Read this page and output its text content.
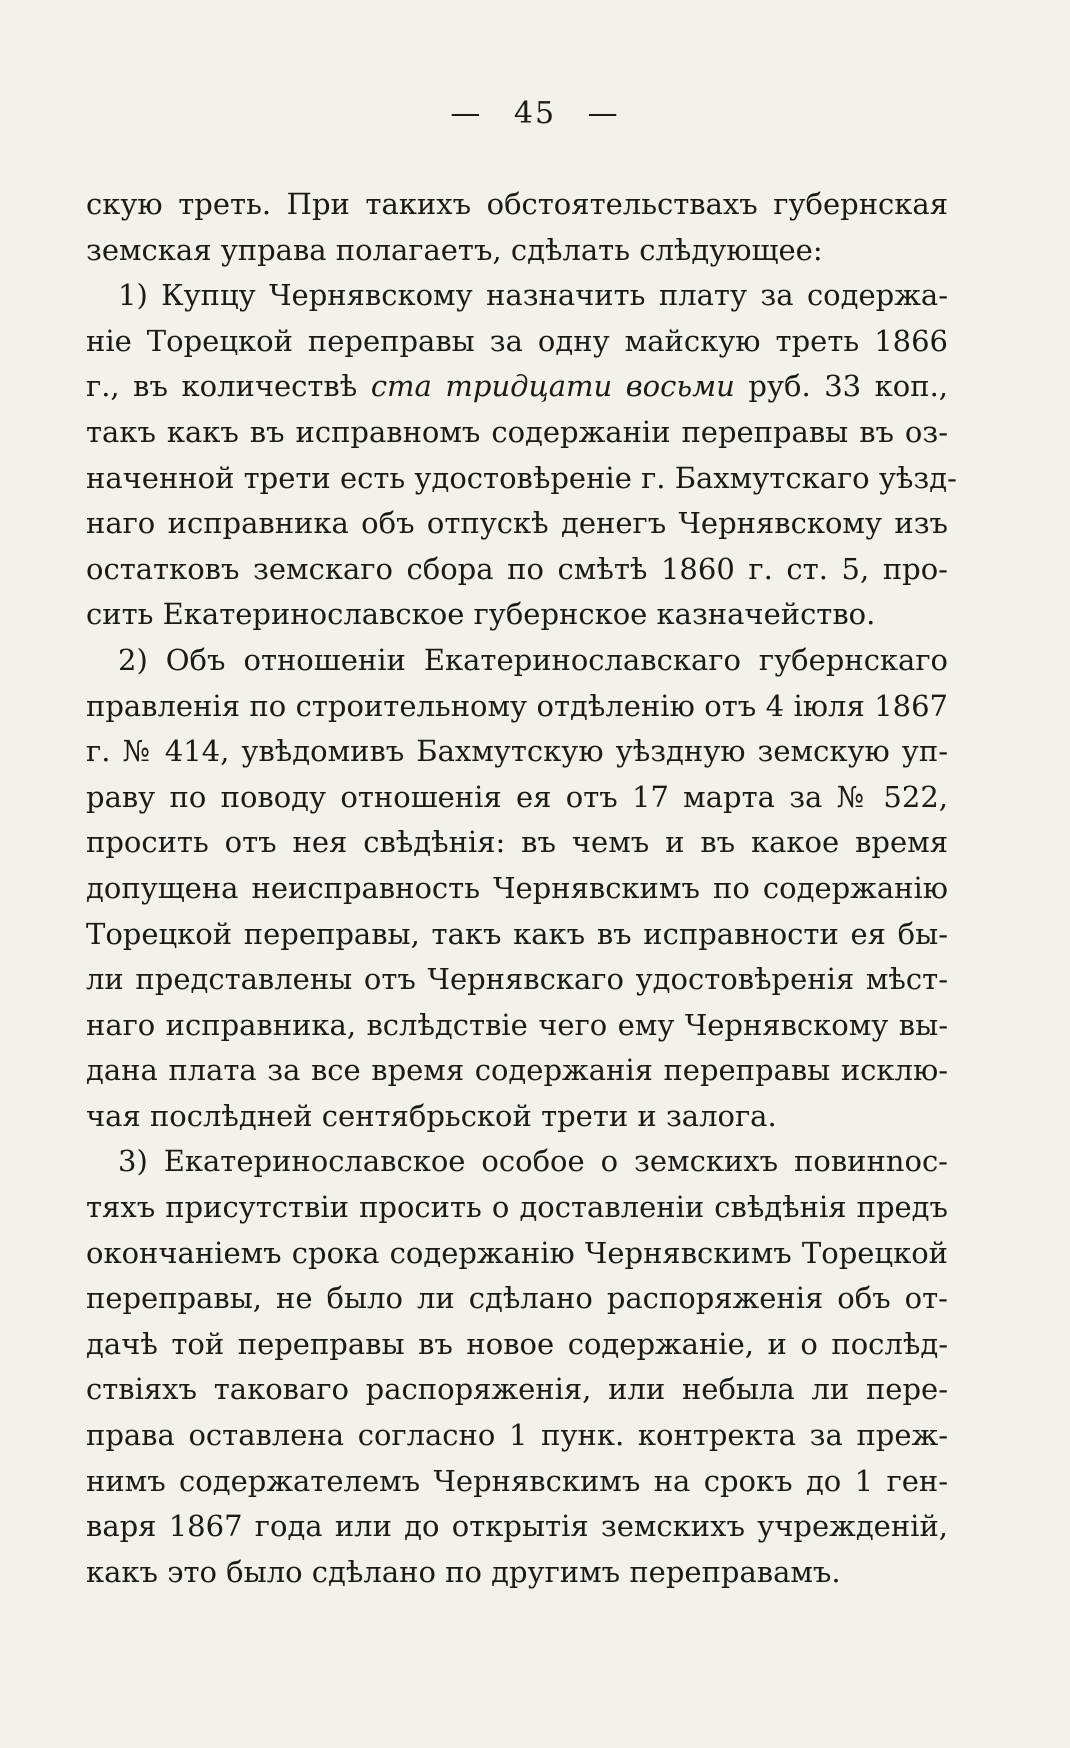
— 45 —
скую треть. При такихъ обстоятельствахъ губернская
земская управа полагаетъ, сдѣлать слѣдующее:
1) Купцу Чернявскому назначить плату за содержа-
ніе Торецкой переправы за одну майскую треть 1866
г., въ количествѣ стa тридцати восьми руб. 33 коп.,
такъ какъ въ исправномъ содержаніи переправы въ оз-
наченной трети есть удостовѣреніе г. Бахмутскаго уѣзд-
наго исправника объ отпускѣ денегъ Чернявскому изъ
остатковъ земскаго сбора по смѣтѣ 1860 г. ст. 5, про-
сить Екатеринославское губернское казначейство.
2) Объ отношеніи Екатеринославскаго губернскаго
правленія по строительному отдѣленію отъ 4 іюля 1867
г. № 414, увѣдомивъ Бахмутскую уѣздную земскую уп-
раву по поводу отношенія ея отъ 17 марта за № 522,
просить отъ нея свѣдѣнія: въ чемъ и въ какое время
допущена неисправность Чернявскимъ по содержанію
Торецкой переправы, такъ какъ въ исправности ея бы-
ли представлены отъ Чернявскаго удостовѣренія мѣст-
наго исправника, вслѣдствіе чего ему Чернявскому вы-
дана плата за все время содержанія переправы исклю-
чая послѣдней сентябрьской трети и залога.
3) Екатеринославское особое о земскихъ повинnос-
тяхъ присутствіи просить о доставленіи свѣдѣнія предъ
окончаніемъ срока содержанію Чернявскимъ Торецкой
переправы, не было ли сдѣлано распоряженія объ от-
дачѣ той переправы въ новое содержаніе, и о послѣд-
ствіяхъ таковаго распоряженія, или небыла ли пере-
права оставлена согласно 1 пунк. контректа за преж-
нимъ содержателемъ Чернявскимъ на срокъ до 1 ген-
варя 1867 года или до открытія земскихъ учрежденій,
какъ это было сдѣлано по другимъ переправамъ.
